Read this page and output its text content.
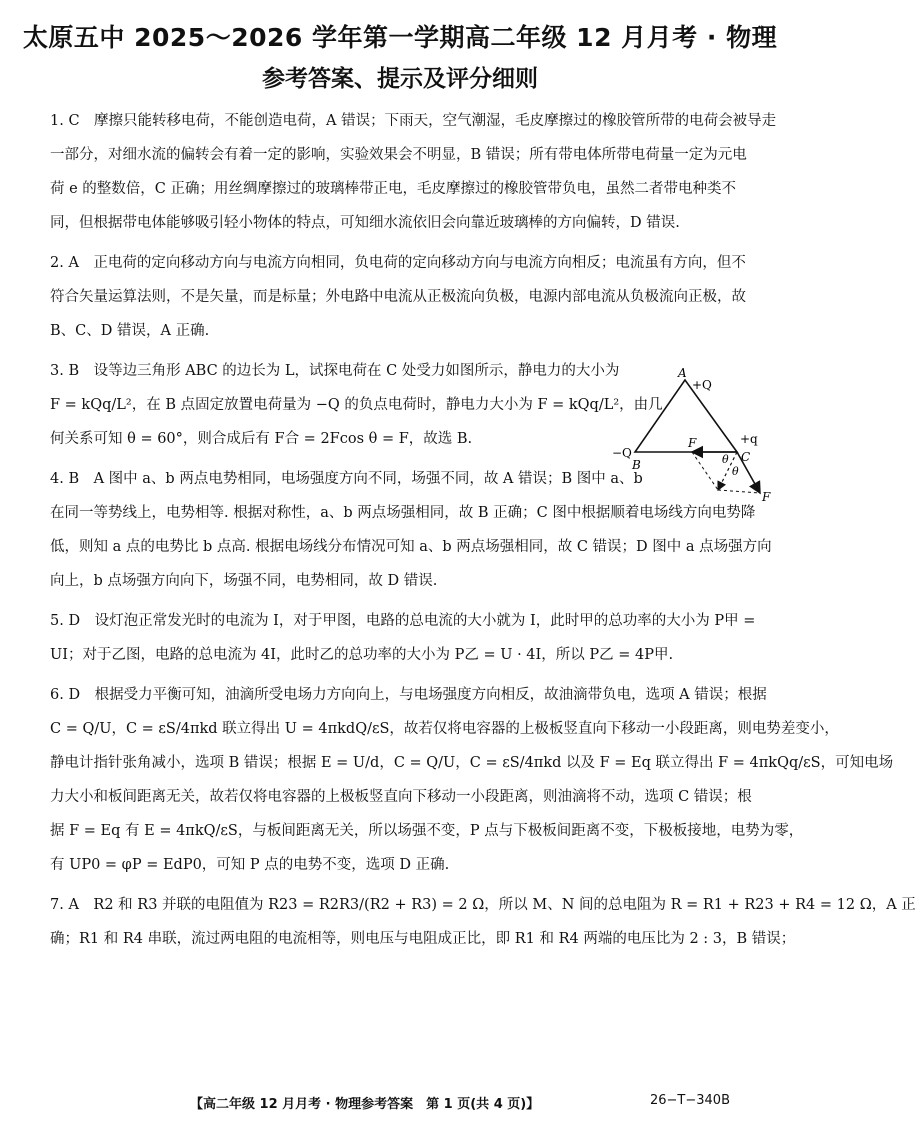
太原五中 2025～2026 学年第一学期高二年级 12 月月考 · 物理
参考答案、提示及评分细则
1. C　摩擦只能转移电荷，不能创造电荷，A 错误；下雨天，空气潮湿，毛皮摩擦过的橡胶管所带的电荷会被导走
一部分，对细水流的偏转会有着一定的影响，实验效果会不明显，B 错误；所有带电体所带电荷量一定为元电
荷 e 的整数倍，C 正确；用丝绸摩擦过的玻璃棒带正电，毛皮摩擦过的橡胶管带负电，虽然二者带电种类不
同，但根据带电体能够吸引轻小物体的特点，可知细水流依旧会向靠近玻璃棒的方向偏转，D 错误.
2. A　正电荷的定向移动方向与电流方向相同，负电荷的定向移动方向与电流方向相反；电流虽有方向，但不
符合矢量运算法则，不是矢量，而是标量；外电路中电流从正极流向负极，电源内部电流从负极流向正极，故
B、C、D 错误，A 正确.
3. B　设等边三角形 ABC 的边长为 L，试探电荷在 C 处受力如图所示，静电力的大小为
F = kQq/L²，在 B 点固定放置电荷量为 −Q 的负点电荷时，静电力大小为 F = kQq/L²，由几
何关系可知 θ = 60°，则合成后有 F合 = 2Fcos θ = F，故选 B.
4. B　A 图中 a、b 两点电势相同，电场强度方向不同，场强不同，故 A 错误；B 图中 a、b
在同一等势线上，电势相等. 根据对称性，a、b 两点场强相同，故 B 正确；C 图中根据顺着电场线方向电势降
低，则知 a 点的电势比 b 点高. 根据电场线分布情况可知 a、b 两点场强相同，故 C 错误；D 图中 a 点场强方向
向上，b 点场强方向向下，场强不同，电势相同，故 D 错误.
5. D　设灯泡正常发光时的电流为 I，对于甲图，电路的总电流的大小就为 I，此时甲的总功率的大小为 P甲 =
UI；对于乙图，电路的总电流为 4I，此时乙的总功率的大小为 P乙 = U · 4I，所以 P乙 = 4P甲.
6. D　根据受力平衡可知，油滴所受电场力方向向上，与电场强度方向相反，故油滴带负电，选项 A 错误；根据
C = Q/U，C = εS/4πkd 联立得出 U = 4πkdQ/εS，故若仅将电容器的上极板竖直向下移动一小段距离，则电势差变小，
静电计指针张角减小，选项 B 错误；根据 E = U/d，C = Q/U，C = εS/4πkd 以及 F = Eq 联立得出 F = 4πkQq/εS，可知电场
力大小和板间距离无关，故若仅将电容器的上极板竖直向下移动一小段距离，则油滴将不动，选项 C 错误；根
据 F = Eq 有 E = 4πkQ/εS，与板间距离无关，所以场强不变，P 点与下极板间距离不变，下极板接地，电势为零，
有 UP0 = φP = EdP0，可知 P 点的电势不变，选项 D 正确.
7. A　R2 和 R3 并联的电阻值为 R23 = R2R3/(R2 + R3) = 2 Ω，所以 M、N 间的总电阻为 R = R1 + R23 + R4 = 12 Ω，A 正
确；R1 和 R4 串联，流过两电阻的电流相等，则电压与电阻成正比，即 R1 和 R4 两端的电压比为 2 : 3，B 错误；
A
+Q
−Q
B
+q
C
F
F
θ
θ
【高二年级 12 月月考 · 物理参考答案　第 1 页(共 4 页)】	26−T−340B
